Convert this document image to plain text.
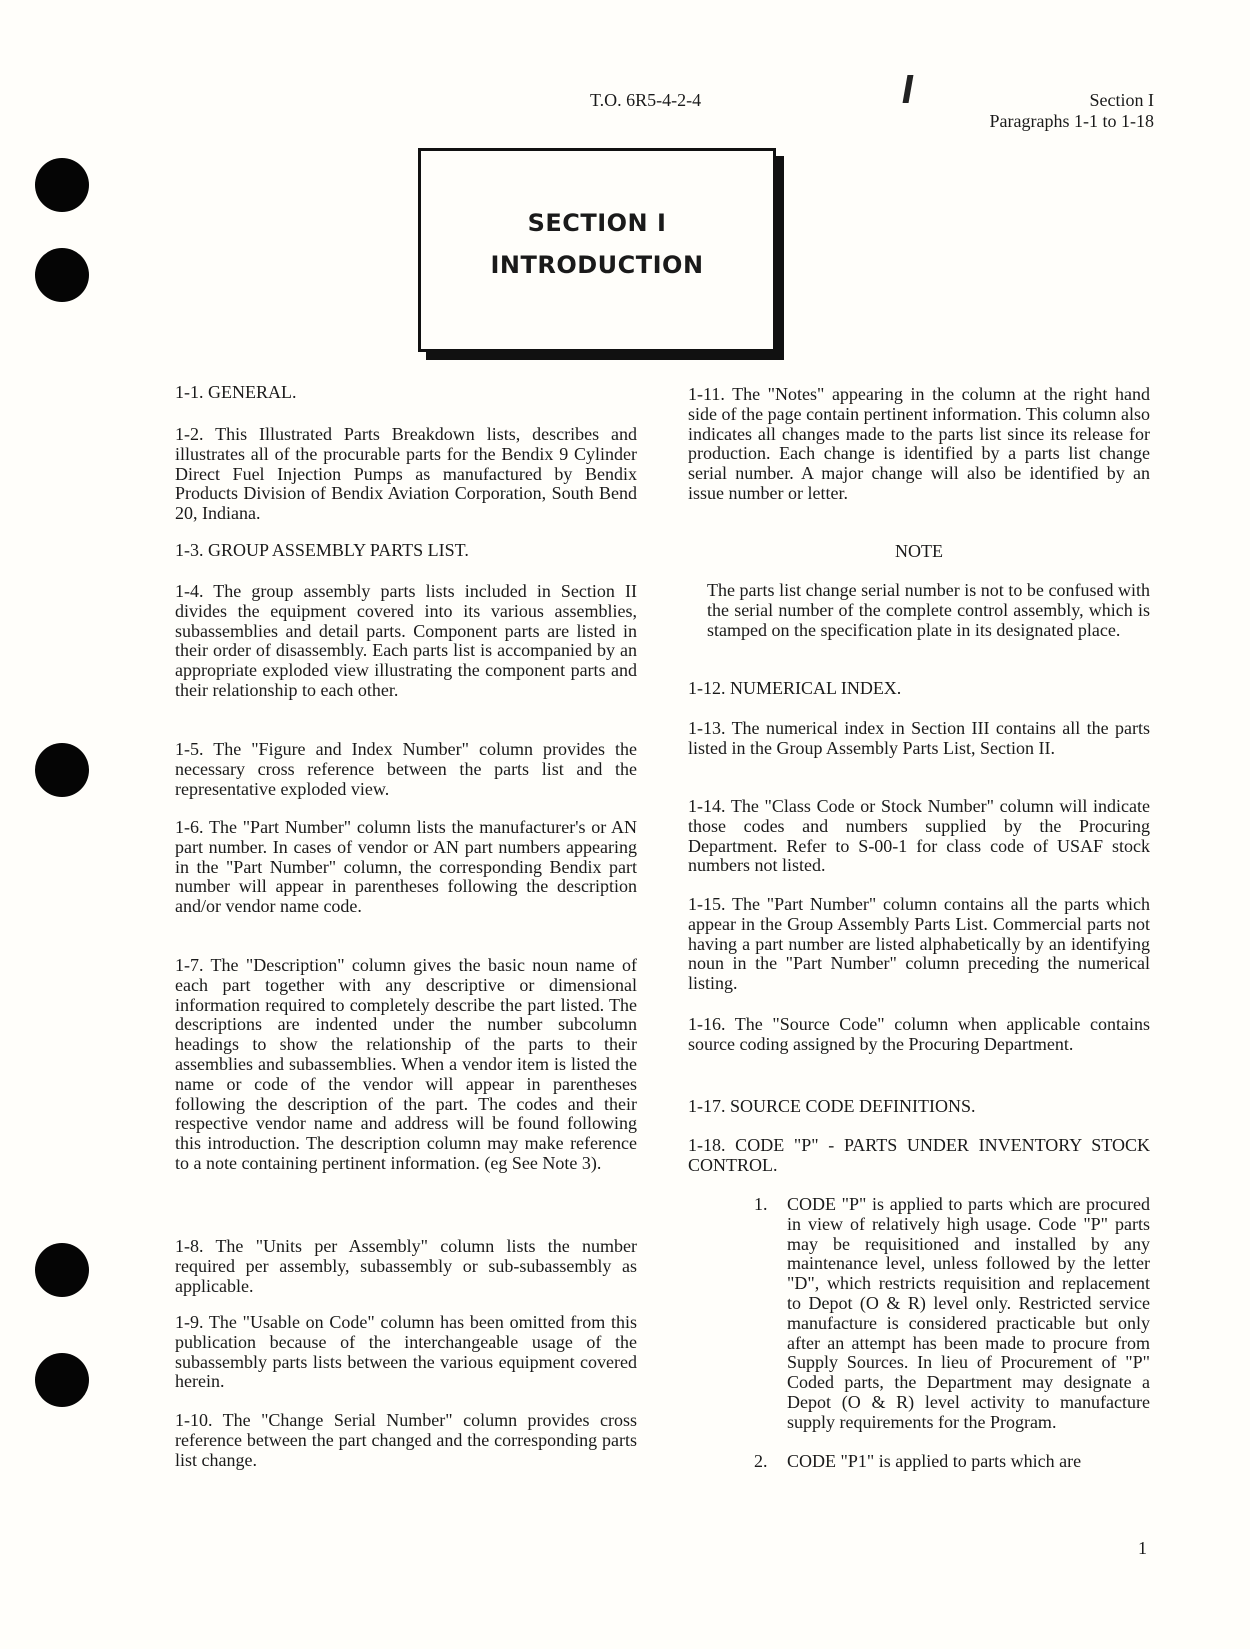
T.O. 6R5-4-2-4	Section I
Paragraphs 1-1 to 1-18
SECTION I
INTRODUCTION
1-1. GENERAL.
1-2. This Illustrated Parts Breakdown lists, describes and illustrates all of the procurable parts for the Bendix 9 Cylinder Direct Fuel Injection Pumps as manufactured by Bendix Products Division of Bendix Aviation Corporation, South Bend 20, Indiana.
1-3. GROUP ASSEMBLY PARTS LIST.
1-4. The group assembly parts lists included in Section II divides the equipment covered into its various assemblies, subassemblies and detail parts. Component parts are listed in their order of disassembly. Each parts list is accompanied by an appropriate exploded view illustrating the component parts and their relationship to each other.
1-5. The "Figure and Index Number" column provides the necessary cross reference between the parts list and the representative exploded view.
1-6. The "Part Number" column lists the manufacturer's or AN part number. In cases of vendor or AN part numbers appearing in the "Part Number" column, the corresponding Bendix part number will appear in parentheses following the description and/or vendor name code.
1-7. The "Description" column gives the basic noun name of each part together with any descriptive or dimensional information required to completely describe the part listed. The descriptions are indented under the number subcolumn headings to show the relationship of the parts to their assemblies and subassemblies. When a vendor item is listed the name or code of the vendor will appear in parentheses following the description of the part. The codes and their respective vendor name and address will be found following this introduction. The description column may make reference to a note containing pertinent information. (eg See Note 3).
1-8. The "Units per Assembly" column lists the number required per assembly, subassembly or sub-subassembly as applicable.
1-9. The "Usable on Code" column has been omitted from this publication because of the interchangeable usage of the subassembly parts lists between the various equipment covered herein.
1-10. The "Change Serial Number" column provides cross reference between the part changed and the corresponding parts list change.
1-11. The "Notes" appearing in the column at the right hand side of the page contain pertinent information. This column also indicates all changes made to the parts list since its release for production. Each change is identified by a parts list change serial number. A major change will also be identified by an issue number or letter.
NOTE
The parts list change serial number is not to be confused with the serial number of the complete control assembly, which is stamped on the specification plate in its designated place.
1-12. NUMERICAL INDEX.
1-13. The numerical index in Section III contains all the parts listed in the Group Assembly Parts List, Section II.
1-14. The "Class Code or Stock Number" column will indicate those codes and numbers supplied by the Procuring Department. Refer to S-00-1 for class code of USAF stock numbers not listed.
1-15. The "Part Number" column contains all the parts which appear in the Group Assembly Parts List. Commercial parts not having a part number are listed alphabetically by an identifying noun in the "Part Number" column preceding the numerical listing.
1-16. The "Source Code" column when applicable contains source coding assigned by the Procuring Department.
1-17. SOURCE CODE DEFINITIONS.
1-18. CODE "P" - PARTS UNDER INVENTORY STOCK CONTROL.
1. CODE "P" is applied to parts which are procured in view of relatively high usage. Code "P" parts may be requisitioned and installed by any maintenance level, unless followed by the letter "D", which restricts requisition and replacement to Depot (O & R) level only. Restricted service manufacture is considered practicable but only after an attempt has been made to procure from Supply Sources. In lieu of Procurement of "P" Coded parts, the Department may designate a Depot (O & R) level activity to manufacture supply requirements for the Program.
2. CODE "P1" is applied to parts which are
1
